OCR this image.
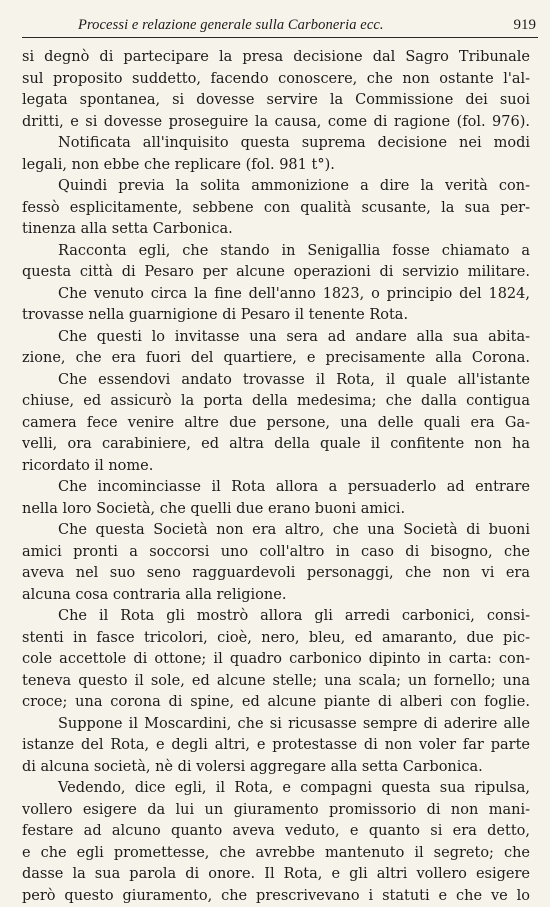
Processi e relazione generale sulla Carboneria ecc.	919
si degnò di partecipare la presa decisione dal Sagro Tribunale
sul proposito suddetto, facendo conoscere, che non ostante l'al-
legata spontanea, si dovesse servire la Commissione dei suoi
dritti, e si dovesse proseguire la causa, come di ragione (fol. 976).
Notificata all'inquisito questa suprema decisione nei modi
legali, non ebbe che replicare (fol. 981 t°).
Quindi previa la solita ammonizione a dire la verità con-
fessò esplicitamente, sebbene con qualità scusante, la sua per-
tinenza alla setta Carbonica.
Racconta egli, che stando in Senigallia fosse chiamato a
questa città di Pesaro per alcune operazioni di servizio militare.
Che venuto circa la fine dell'anno 1823, o principio del 1824,
trovasse nella guarnigione di Pesaro il tenente Rota.
Che questi lo invitasse una sera ad andare alla sua abita-
zione, che era fuori del quartiere, e precisamente alla Corona.
Che essendovi andato trovasse il Rota, il quale all'istante
chiuse, ed assicurò la porta della medesima; che dalla contigua
camera fece venire altre due persone, una delle quali era Ga-
velli, ora carabiniere, ed altra della quale il confitente non ha
ricordato il nome.
Che incominciasse il Rota allora a persuaderlo ad entrare
nella loro Società, che quelli due erano buoni amici.
Che questa Società non era altro, che una Società di buoni
amici pronti a soccorsi uno coll'altro in caso di bisogno, che
aveva nel suo seno ragguardevoli personaggi, che non vi era
alcuna cosa contraria alla religione.
Che il Rota gli mostrò allora gli arredi carbonici, consi-
stenti in fasce tricolori, cioè, nero, bleu, ed amaranto, due pic-
cole accettole di ottone; il quadro carbonico dipinto in carta: con-
teneva questo il sole, ed alcune stelle; una scala; un fornello; una
croce; una corona di spine, ed alcune piante di alberi con foglie.
Suppone il Moscardini, che si ricusasse sempre di aderire alle
istanze del Rota, e degli altri, e protestasse di non voler far parte
di alcuna società, nè di volersi aggregare alla setta Carbonica.
Vedendo, dice egli, il Rota, e compagni questa sua ripulsa,
vollero esigere da lui un giuramento promissorio di non mani-
festare ad alcuno quanto aveva veduto, e quanto si era detto,
e che egli promettesse, che avrebbe mantenuto il segreto; che
dasse la sua parola di onore. Il Rota, e gli altri vollero esigere
però questo giuramento, che prescrivevano i statuti e che ve lo
